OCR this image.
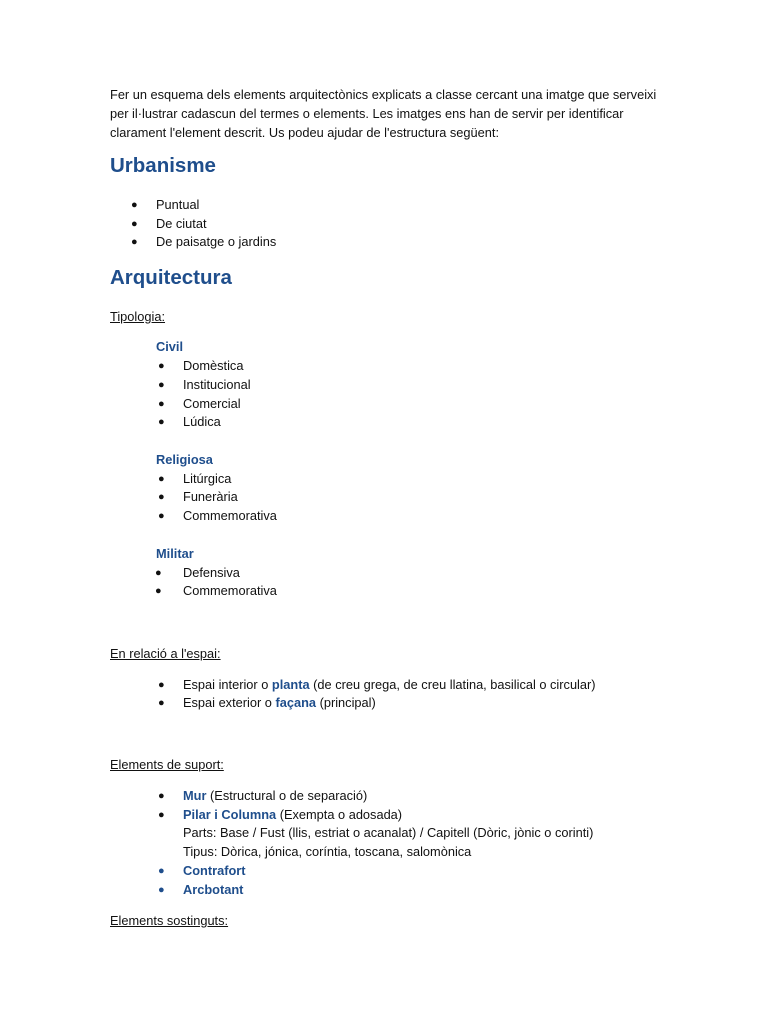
Fer un esquema dels elements arquitectònics explicats a classe cercant una imatge que serveixi
per il·lustrar cadascun del termes o elements. Les imatges ens han de servir per identificar
clarament l'element descrit. Us podeu ajudar de l'estructura següent:
Urbanisme
● Puntual
● De ciutat
● De paisatge o jardins
Arquitectura
Tipologia:
Civil
● Domèstica
● Institucional
● Comercial
● Lúdica
Religiosa
● Litúrgica
● Funerària
● Commemorativa
Militar
● Defensiva
● Commemorativa
En relació a l'espai:
● Espai interior o planta (de creu grega, de creu llatina, basilical o circular)
● Espai exterior o façana (principal)
Elements de suport:
● Mur (Estructural o de separació)
● Pilar i Columna (Exempta o adosada)
Parts: Base / Fust (llis, estriat o acanalat) / Capitell (Dòric, jònic o corinti)
Tipus: Dòrica, jónica, coríntia, toscana, salomònica
● Contrafort
● Arcbotant
Elements sostinguts:
